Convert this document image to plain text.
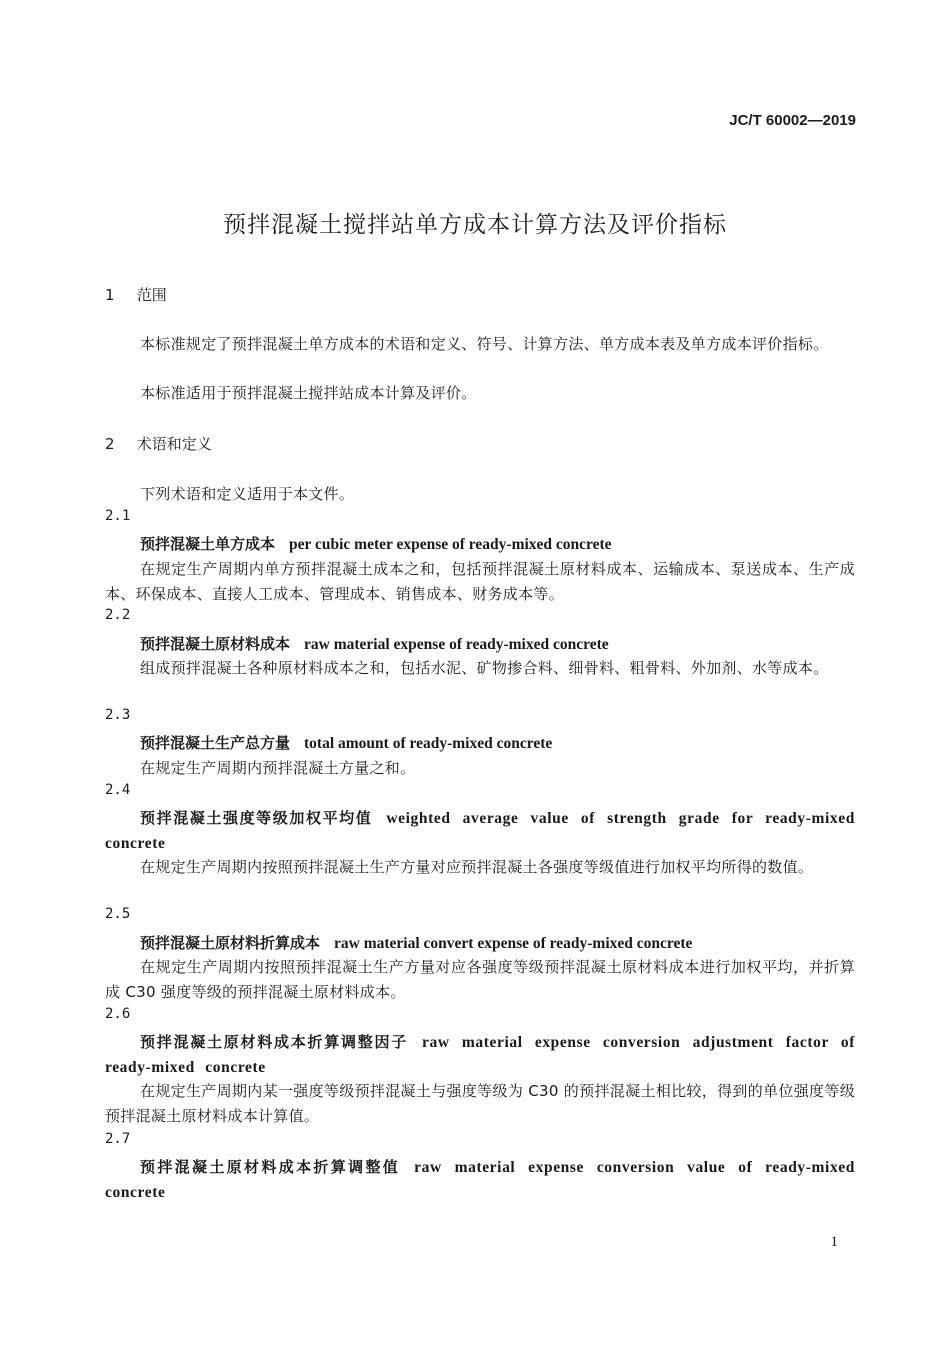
JC/T 60002—2019
预拌混凝土搅拌站单方成本计算方法及评价指标
1 范围
本标准规定了预拌混凝土单方成本的术语和定义、符号、计算方法、单方成本表及单方成本评价指标。
本标准适用于预拌混凝土搅拌站成本计算及评价。
2 术语和定义
下列术语和定义适用于本文件。
2.1
预拌混凝土单方成本 per cubic meter expense of ready-mixed concrete
在规定生产周期内单方预拌混凝土成本之和，包括预拌混凝土原材料成本、运输成本、泵送成本、生产成本、环保成本、直接人工成本、管理成本、销售成本、财务成本等。
2.2
预拌混凝土原材料成本 raw material expense of ready-mixed concrete
组成预拌混凝土各种原材料成本之和，包括水泥、矿物掺合料、细骨料、粗骨料、外加剂、水等成本。
2.3
预拌混凝土生产总方量 total amount of ready-mixed concrete
在规定生产周期内预拌混凝土方量之和。
2.4
预拌混凝土强度等级加权平均值 weighted average value of strength grade for ready-mixed concrete
在规定生产周期内按照预拌混凝土生产方量对应预拌混凝土各强度等级值进行加权平均所得的数值。
2.5
预拌混凝土原材料折算成本 raw material convert expense of ready-mixed concrete
在规定生产周期内按照预拌混凝土生产方量对应各强度等级预拌混凝土原材料成本进行加权平均，并折算成 C30 强度等级的预拌混凝土原材料成本。
2.6
预拌混凝土原材料成本折算调整因子 raw material expense conversion adjustment factor of ready-mixed concrete
在规定生产周期内某一强度等级预拌混凝土与强度等级为 C30 的预拌混凝土相比较，得到的单位强度等级预拌混凝土原材料成本计算值。
2.7
预拌混凝土原材料成本折算调整值 raw material expense conversion value of ready-mixed concrete
1
